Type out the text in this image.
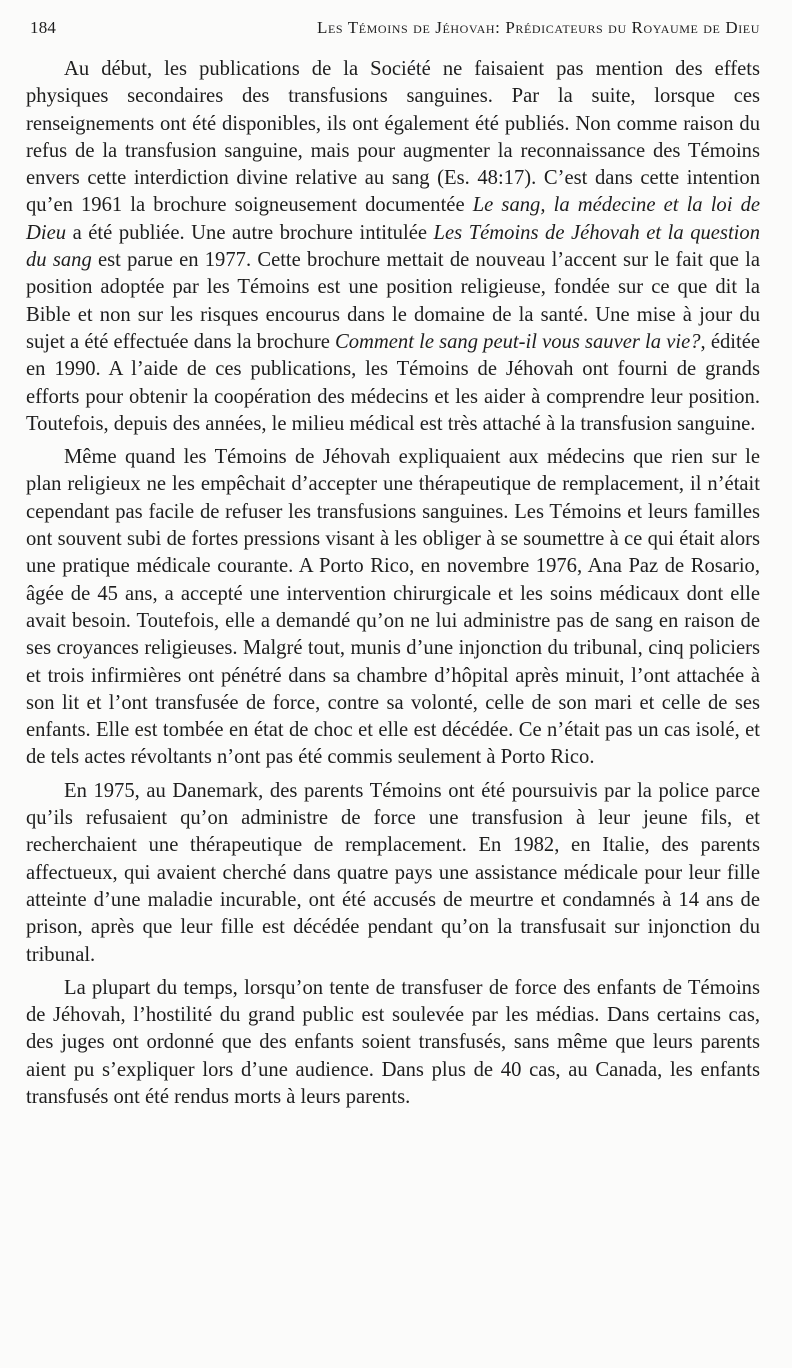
184	Les Témoins de Jéhovah: Prédicateurs du Royaume de Dieu

Au début, les publications de la Société ne faisaient pas mention des effets physiques secondaires des transfusions sanguines. Par la suite, lorsque ces renseignements ont été disponibles, ils ont également été publiés. Non comme raison du refus de la transfusion sanguine, mais pour augmenter la reconnaissance des Témoins envers cette interdiction divine relative au sang (Es. 48:17). C’est dans cette intention qu’en 1961 la brochure soigneusement documentée Le sang, la médecine et la loi de Dieu a été publiée. Une autre brochure intitulée Les Témoins de Jéhovah et la question du sang est parue en 1977. Cette brochure mettait de nouveau l’accent sur le fait que la position adoptée par les Témoins est une position religieuse, fondée sur ce que dit la Bible et non sur les risques encourus dans le domaine de la santé. Une mise à jour du sujet a été effectuée dans la brochure Comment le sang peut-il vous sauver la vie?, éditée en 1990. A l’aide de ces publications, les Témoins de Jéhovah ont fourni de grands efforts pour obtenir la coopération des médecins et les aider à comprendre leur position. Toutefois, depuis des années, le milieu médical est très attaché à la transfusion sanguine.

Même quand les Témoins de Jéhovah expliquaient aux médecins que rien sur le plan religieux ne les empêchait d’accepter une thérapeutique de remplacement, il n’était cependant pas facile de refuser les transfusions sanguines. Les Témoins et leurs familles ont souvent subi de fortes pressions visant à les obliger à se soumettre à ce qui était alors une pratique médicale courante. A Porto Rico, en novembre 1976, Ana Paz de Rosario, âgée de 45 ans, a accepté une intervention chirurgicale et les soins médicaux dont elle avait besoin. Toutefois, elle a demandé qu’on ne lui administre pas de sang en raison de ses croyances religieuses. Malgré tout, munis d’une injonction du tribunal, cinq policiers et trois infirmières ont pénétré dans sa chambre d’hôpital après minuit, l’ont attachée à son lit et l’ont transfusée de force, contre sa volonté, celle de son mari et celle de ses enfants. Elle est tombée en état de choc et elle est décédée. Ce n’était pas un cas isolé, et de tels actes révoltants n’ont pas été commis seulement à Porto Rico.

En 1975, au Danemark, des parents Témoins ont été poursuivis par la police parce qu’ils refusaient qu’on administre de force une transfusion à leur jeune fils, et recherchaient une thérapeutique de remplacement. En 1982, en Italie, des parents affectueux, qui avaient cherché dans quatre pays une assistance médicale pour leur fille atteinte d’une maladie incurable, ont été accusés de meurtre et condamnés à 14 ans de prison, après que leur fille est décédée pendant qu’on la transfusait sur injonction du tribunal.

La plupart du temps, lorsqu’on tente de transfuser de force des enfants de Témoins de Jéhovah, l’hostilité du grand public est soulevée par les médias. Dans certains cas, des juges ont ordonné que des enfants soient transfusés, sans même que leurs parents aient pu s’expliquer lors d’une audience. Dans plus de 40 cas, au Canada, les enfants transfusés ont été rendus morts à leurs parents.
